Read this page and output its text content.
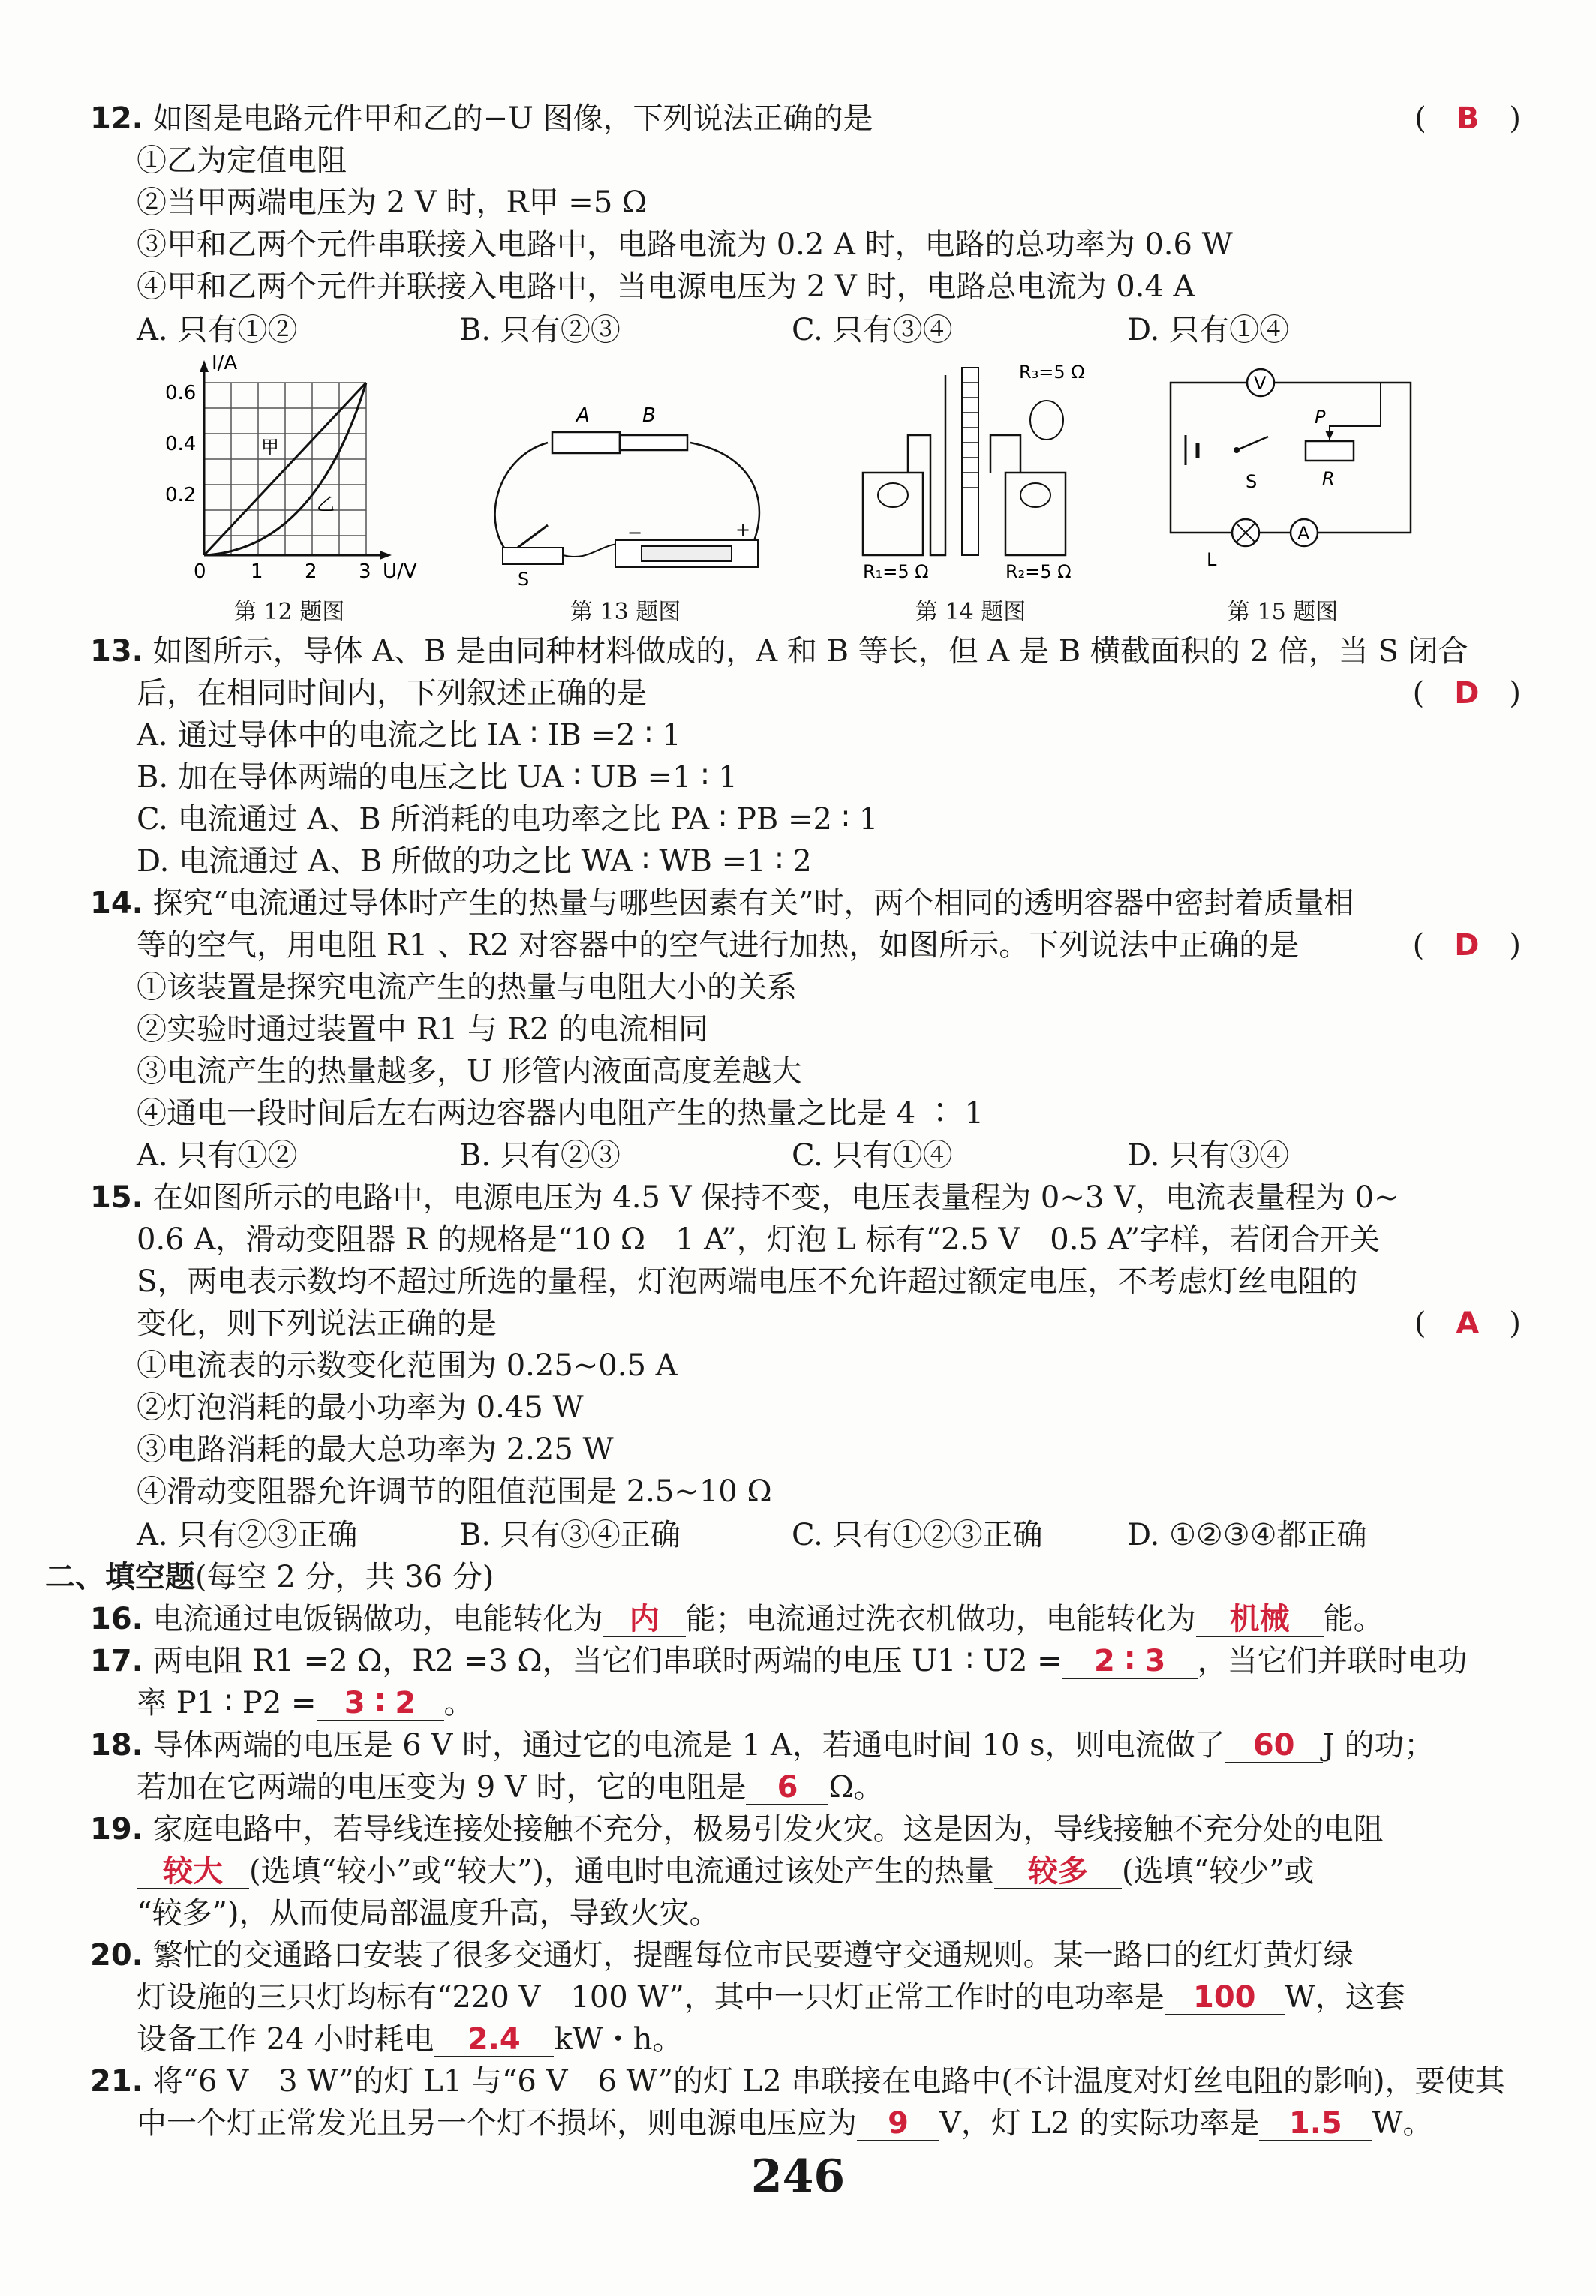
12. 如图是电路元件甲和乙的−U 图像，下列说法正确的是	(　B　)
①乙为定值电阻
②当甲两端电压为 2 V 时，R甲 =5 Ω
③甲和乙两个元件串联接入电路中，电路电流为 0.2 A 时，电路的总功率为 0.6 W
④甲和乙两个元件并联接入电路中，当电源电压为 2 V 时，电路总电流为 0.4 A
A. 只有①②	B. 只有②③	C. 只有③④	D. 只有①④
I/A
U/V
0.6
0.4
0.2
0 1 2 3
甲
乙
第 12 题图
A	B
−	+
S
第 13 题图
R₃=5 Ω
R₁=5 Ω	R₂=5 Ω
第 14 题图
V
S
P
R
L
A
第 15 题图
13. 如图所示，导体 A、B 是由同种材料做成的，A 和 B 等长，但 A 是 B 横截面积的 2 倍，当 S 闭合
后，在相同时间内，下列叙述正确的是	(　D　)
A. 通过导体中的电流之比 IA ∶ IB =2 ∶ 1
B. 加在导体两端的电压之比 UA ∶ UB =1 ∶ 1
C. 电流通过 A、B 所消耗的电功率之比 PA ∶ PB =2 ∶ 1
D. 电流通过 A、B 所做的功之比 WA ∶ WB =1 ∶ 2
14. 探究“电流通过导体时产生的热量与哪些因素有关”时，两个相同的透明容器中密封着质量相
等的空气，用电阻 R1 、R2 对容器中的空气进行加热，如图所示。下列说法中正确的是	(　D　)
①该装置是探究电流产生的热量与电阻大小的关系
②实验时通过装置中 R1 与 R2 的电流相同
③电流产生的热量越多，U 形管内液面高度差越大
④通电一段时间后左右两边容器内电阻产生的热量之比是 4 ∶ 1
A. 只有①②	B. 只有②③	C. 只有①④	D. 只有③④
15. 在如图所示的电路中，电源电压为 4.5 V 保持不变，电压表量程为 0~3 V，电流表量程为 0~
0.6 A，滑动变阻器 R 的规格是“10 Ω　1 A”，灯泡 L 标有“2.5 V　0.5 A”字样，若闭合开关
S，两电表示数均不超过所选的量程，灯泡两端电压不允许超过额定电压，不考虑灯丝电阻的
变化，则下列说法正确的是	(　A　)
①电流表的示数变化范围为 0.25~0.5 A
②灯泡消耗的最小功率为 0.45 W
③电路消耗的最大总功率为 2.25 W
④滑动变阻器允许调节的阻值范围是 2.5~10 Ω
A. 只有②③正确	B. 只有③④正确	C. 只有①②③正确	D. ①②③④都正确
二、填空题(每空 2 分，共 36 分)
16. 电流通过电饭锅做功，电能转化为 内 能；电流通过洗衣机做功，电能转化为 机械 能。
17. 两电阻 R1 =2 Ω，R2 =3 Ω，当它们串联时两端的电压 U1 ∶ U2 = 2 ∶ 3 ，当它们并联时电功
率 P1 ∶ P2 = 3 ∶ 2 。
18. 导体两端的电压是 6 V 时，通过它的电流是 1 A，若通电时间 10 s，则电流做了 60 J 的功；
若加在它两端的电压变为 9 V 时，它的电阻是 6 Ω。
19. 家庭电路中，若导线连接处接触不充分，极易引发火灾。这是因为，导线接触不充分处的电阻
较大 (选填“较小”或“较大”)，通电时电流通过该处产生的热量 较多 (选填“较少”或
“较多”)，从而使局部温度升高，导致火灾。
20. 繁忙的交通路口安装了很多交通灯，提醒每位市民要遵守交通规则。某一路口的红灯黄灯绿
灯设施的三只灯均标有“220 V　100 W”，其中一只灯正常工作时的电功率是 100 W，这套
设备工作 24 小时耗电 2.4 kW・h。
21. 将“6 V　3 W”的灯 L1 与“6 V　6 W”的灯 L2 串联接在电路中(不计温度对灯丝电阻的影响)，要使其
中一个灯正常发光且另一个灯不损坏，则电源电压应为 9 V，灯 L2 的实际功率是 1.5 W。
246
